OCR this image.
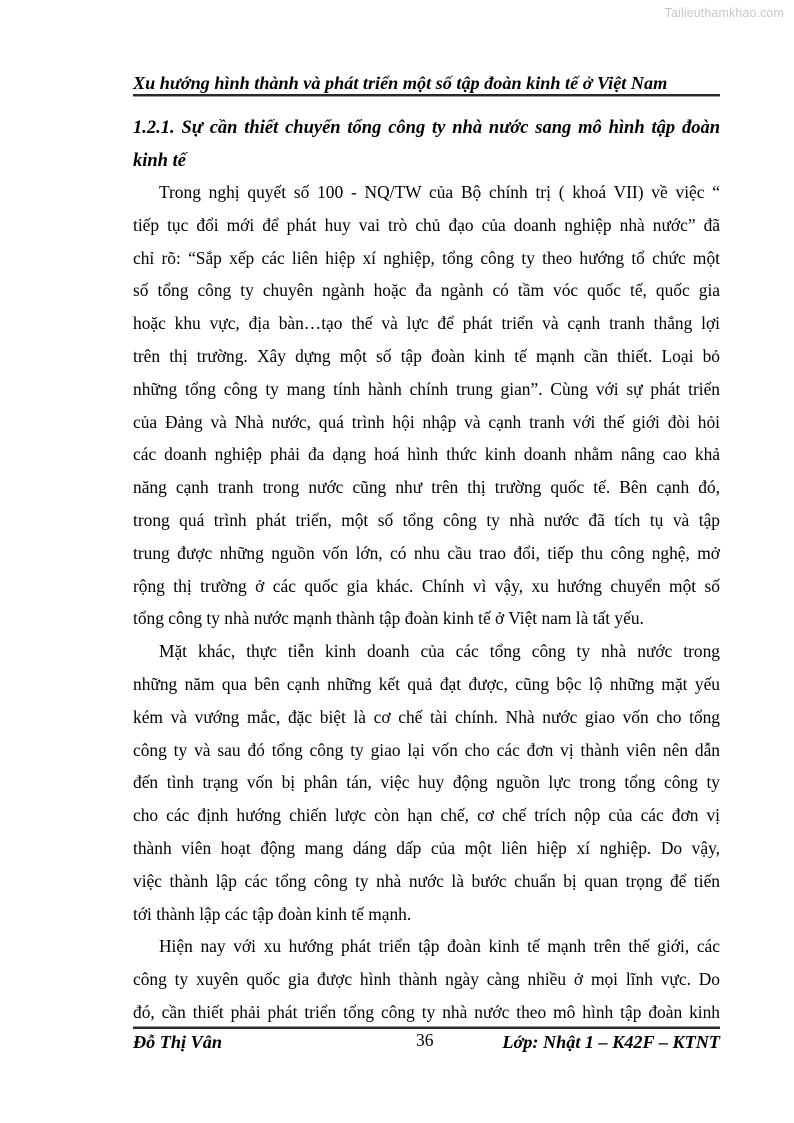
Tailieuthamkhao.com
Xu hướng hình thành và phát triển một số tập đoàn kinh tế ở Việt Nam
1.2.1. Sự cần thiết chuyển tổng công ty nhà nước sang mô hình tập đoàn
kinh tế
Trong nghị quyết số 100 - NQ/TW của Bộ chính trị ( khoá VII) về việc “
tiếp tục đổi mới để phát huy vai trò chủ đạo của doanh nghiệp nhà nước” đã
chỉ rõ: “Sắp xếp các liên hiệp xí nghiệp, tổng công ty theo hướng tổ chức một
số tổng công ty chuyên ngành hoặc đa ngành có tầm vóc quốc tế, quốc gia
hoặc khu vực, địa bàn…tạo thế và lực để phát triển và cạnh tranh thắng lợi
trên thị trường. Xây dựng một số tập đoàn kinh tế mạnh cần thiết. Loại bỏ
những tổng công ty mang tính hành chính trung gian”. Cùng với sự phát triển
của Đảng và Nhà nước, quá trình hội nhập và cạnh tranh với thế giới đòi hỏi
các doanh nghiệp phải đa dạng hoá hình thức kinh doanh nhằm nâng cao khả
năng cạnh tranh trong nước cũng như trên thị trường quốc tế. Bên cạnh đó,
trong quá trình phát triển, một số tổng công ty nhà nước đã tích tụ và tập
trung được những nguồn vốn lớn, có nhu cầu trao đổi, tiếp thu công nghệ, mở
rộng thị trường ở các quốc gia khác. Chính vì vậy, xu hướng chuyển một số
tổng công ty nhà nước mạnh thành tập đoàn kinh tế ở Việt nam là tất yếu.
Mặt khác, thực tiễn kinh doanh của các tổng công ty nhà nước trong
những năm qua bên cạnh những kết quả đạt được, cũng bộc lộ những mặt yếu
kém và vướng mắc, đặc biệt là cơ chế tài chính. Nhà nước giao vốn cho tổng
công ty và sau đó tổng công ty giao lại vốn cho các đơn vị thành viên nên dẫn
đến tình trạng vốn bị phân tán, việc huy động nguồn lực trong tổng công ty
cho các định hướng chiến lược còn hạn chế, cơ chế trích nộp của các đơn vị
thành viên hoạt động mang dáng dấp của một liên hiệp xí nghiệp. Do vậy,
việc thành lập các tổng công ty nhà nước là bước chuẩn bị quan trọng để tiến
tới thành lập các tập đoàn kinh tế mạnh.
Hiện nay với xu hướng phát triển tập đoàn kinh tế mạnh trên thế giới, các
công ty xuyên quốc gia được hình thành ngày càng nhiều ở mọi lĩnh vực. Do
đó, cần thiết phải phát triển tổng công ty nhà nước theo mô hình tập đoàn kinh
Đỗ Thị Vân	36	Lớp: Nhật 1 – K42F – KTNT
